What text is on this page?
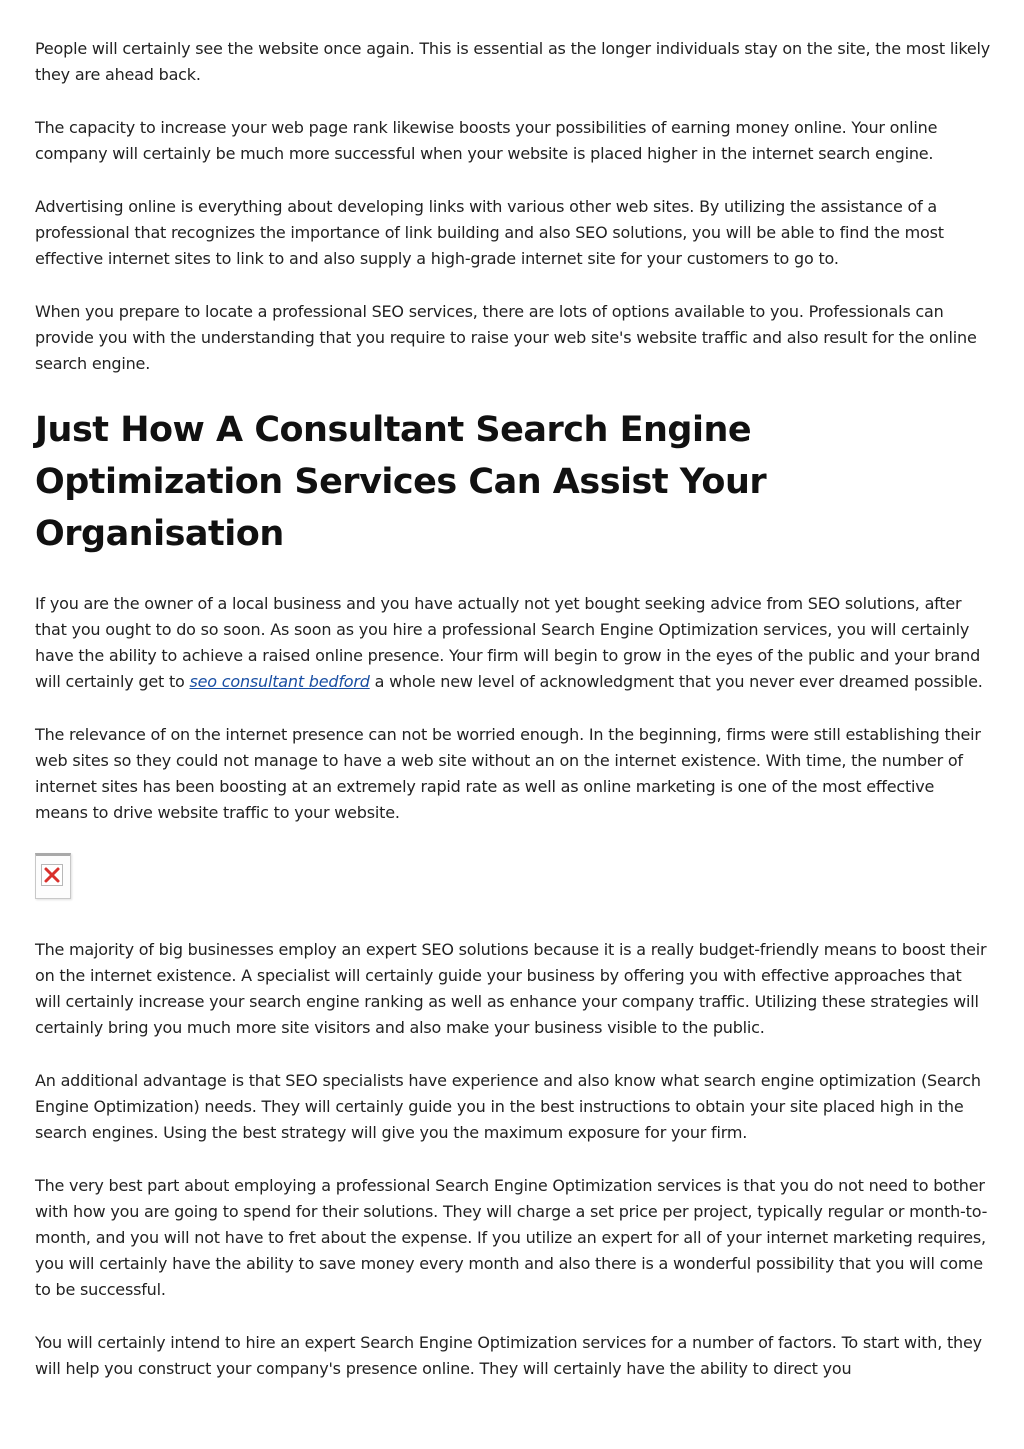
People will certainly see the website once again. This is essential as the longer individuals stay on the site, the most likely they are ahead back.

The capacity to increase your web page rank likewise boosts your possibilities of earning money online. Your online company will certainly be much more successful when your website is placed higher in the internet search engine.

Advertising online is everything about developing links with various other web sites. By utilizing the assistance of a professional that recognizes the importance of link building and also SEO solutions, you will be able to find the most effective internet sites to link to and also supply a high-grade internet site for your customers to go to.

When you prepare to locate a professional SEO services, there are lots of options available to you. Professionals can provide you with the understanding that you require to raise your web site's website traffic and also result for the online search engine.

Just How A Consultant Search Engine Optimization Services Can Assist Your Organisation

If you are the owner of a local business and you have actually not yet bought seeking advice from SEO solutions, after that you ought to do so soon. As soon as you hire a professional Search Engine Optimization services, you will certainly have the ability to achieve a raised online presence. Your firm will begin to grow in the eyes of the public and your brand will certainly get to seo consultant bedford a whole new level of acknowledgment that you never ever dreamed possible.

The relevance of on the internet presence can not be worried enough. In the beginning, firms were still establishing their web sites so they could not manage to have a web site without an on the internet existence. With time, the number of internet sites has been boosting at an extremely rapid rate as well as online marketing is one of the most effective means to drive website traffic to your website.

The majority of big businesses employ an expert SEO solutions because it is a really budget-friendly means to boost their on the internet existence. A specialist will certainly guide your business by offering you with effective approaches that will certainly increase your search engine ranking as well as enhance your company traffic. Utilizing these strategies will certainly bring you much more site visitors and also make your business visible to the public.

An additional advantage is that SEO specialists have experience and also know what search engine optimization (Search Engine Optimization) needs. They will certainly guide you in the best instructions to obtain your site placed high in the search engines. Using the best strategy will give you the maximum exposure for your firm.

The very best part about employing a professional Search Engine Optimization services is that you do not need to bother with how you are going to spend for their solutions. They will charge a set price per project, typically regular or month-to-month, and you will not have to fret about the expense. If you utilize an expert for all of your internet marketing requires, you will certainly have the ability to save money every month and also there is a wonderful possibility that you will come to be successful.

You will certainly intend to hire an expert Search Engine Optimization services for a number of factors. To start with, they will help you construct your company's presence online. They will certainly have the ability to direct you
